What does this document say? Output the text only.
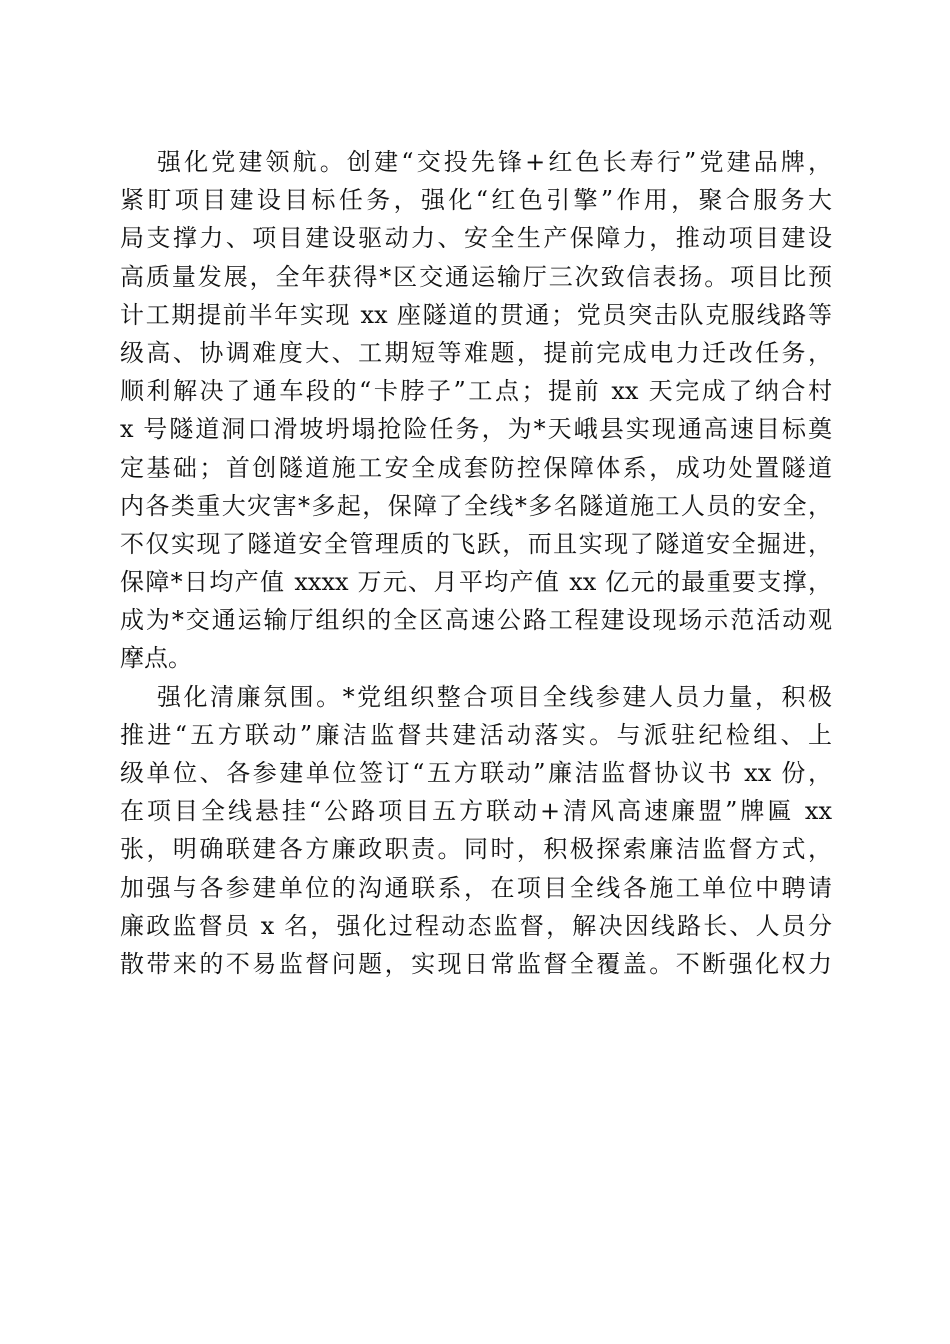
强化党建领航。创建“交投先锋+红色长寿行”党建品牌，
紧盯项目建设目标任务，强化“红色引擎”作用，聚合服务大
局支撑力、项目建设驱动力、安全生产保障力，推动项目建设
高质量发展，全年获得*区交通运输厅三次致信表扬。项目比预
计工期提前半年实现 xx 座隧道的贯通；党员突击队克服线路等
级高、协调难度大、工期短等难题，提前完成电力迁改任务，
顺利解决了通车段的“卡脖子”工点；提前 xx 天完成了纳合村
x 号隧道洞口滑坡坍塌抢险任务，为*天峨县实现通高速目标奠
定基础；首创隧道施工安全成套防控保障体系，成功处置隧道
内各类重大灾害*多起，保障了全线*多名隧道施工人员的安全，
不仅实现了隧道安全管理质的飞跃，而且实现了隧道安全掘进，
保障*日均产值 xxxx 万元、月平均产值 xx 亿元的最重要支撑，
成为*交通运输厅组织的全区高速公路工程建设现场示范活动观
摩点。
强化清廉氛围。*党组织整合项目全线参建人员力量，积极
推进“五方联动”廉洁监督共建活动落实。与派驻纪检组、上
级单位、各参建单位签订“五方联动”廉洁监督协议书 xx 份，
在项目全线悬挂“公路项目五方联动+清风高速廉盟”牌匾 xx
张，明确联建各方廉政职责。同时，积极探索廉洁监督方式，
加强与各参建单位的沟通联系，在项目全线各施工单位中聘请
廉政监督员 x 名，强化过程动态监督，解决因线路长、人员分
散带来的不易监督问题，实现日常监督全覆盖。不断强化权力
